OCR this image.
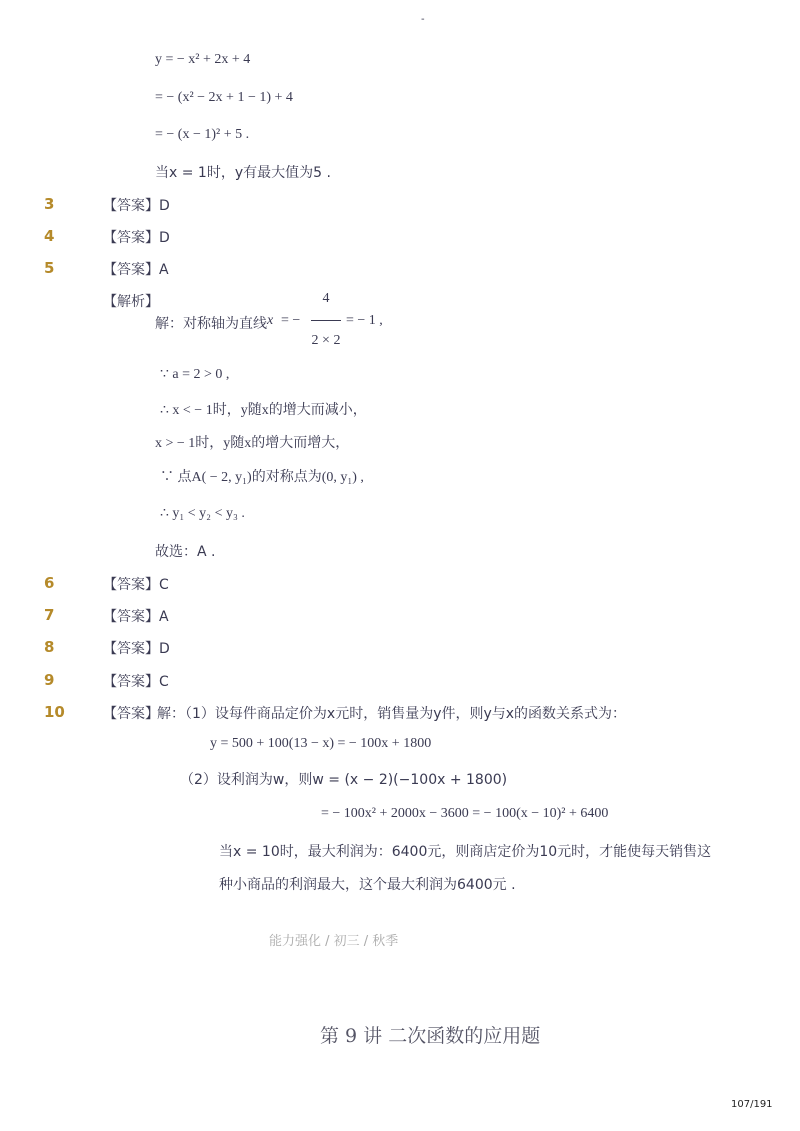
-
y = − x² + 2x + 4
= − (x² − 2x + 1 − 1) + 4
= − (x − 1)² + 5 .
当x = 1时，y有最大值为5 .
3	【答案】D
4	【答案】D
5	【答案】A
【解析】
解：对称轴为直线 x = −
4
2 × 2
= − 1 ,
∵ a = 2 > 0 ,
∴ x < − 1时，y随x的增大而减小，
x > − 1时，y随x的增大而增大，
∵ 点A( − 2, y₁)的对称点为(0, y₁) ,
∴ y₁ < y₂ < y₃ .
故选：A .
6	【答案】C
7	【答案】A
8	【答案】D
9	【答案】C
10	【答案】
解：（1）设每件商品定价为x元时，销售量为y件，则y与x的函数关系式为：
y = 500 + 100(13 − x) = − 100x + 1800
（2）设利润为w，则w = (x − 2)(−100x + 1800)
= − 100x² + 2000x − 3600 = − 100(x − 10)² + 6400
当x = 10时，最大利润为：6400元，则商店定价为10元时，才能使每天销售这
种小商品的利润最大，这个最大利润为6400元 .
能力强化 / 初三 / 秋季
第 9 讲 二次函数的应用题
107/191
